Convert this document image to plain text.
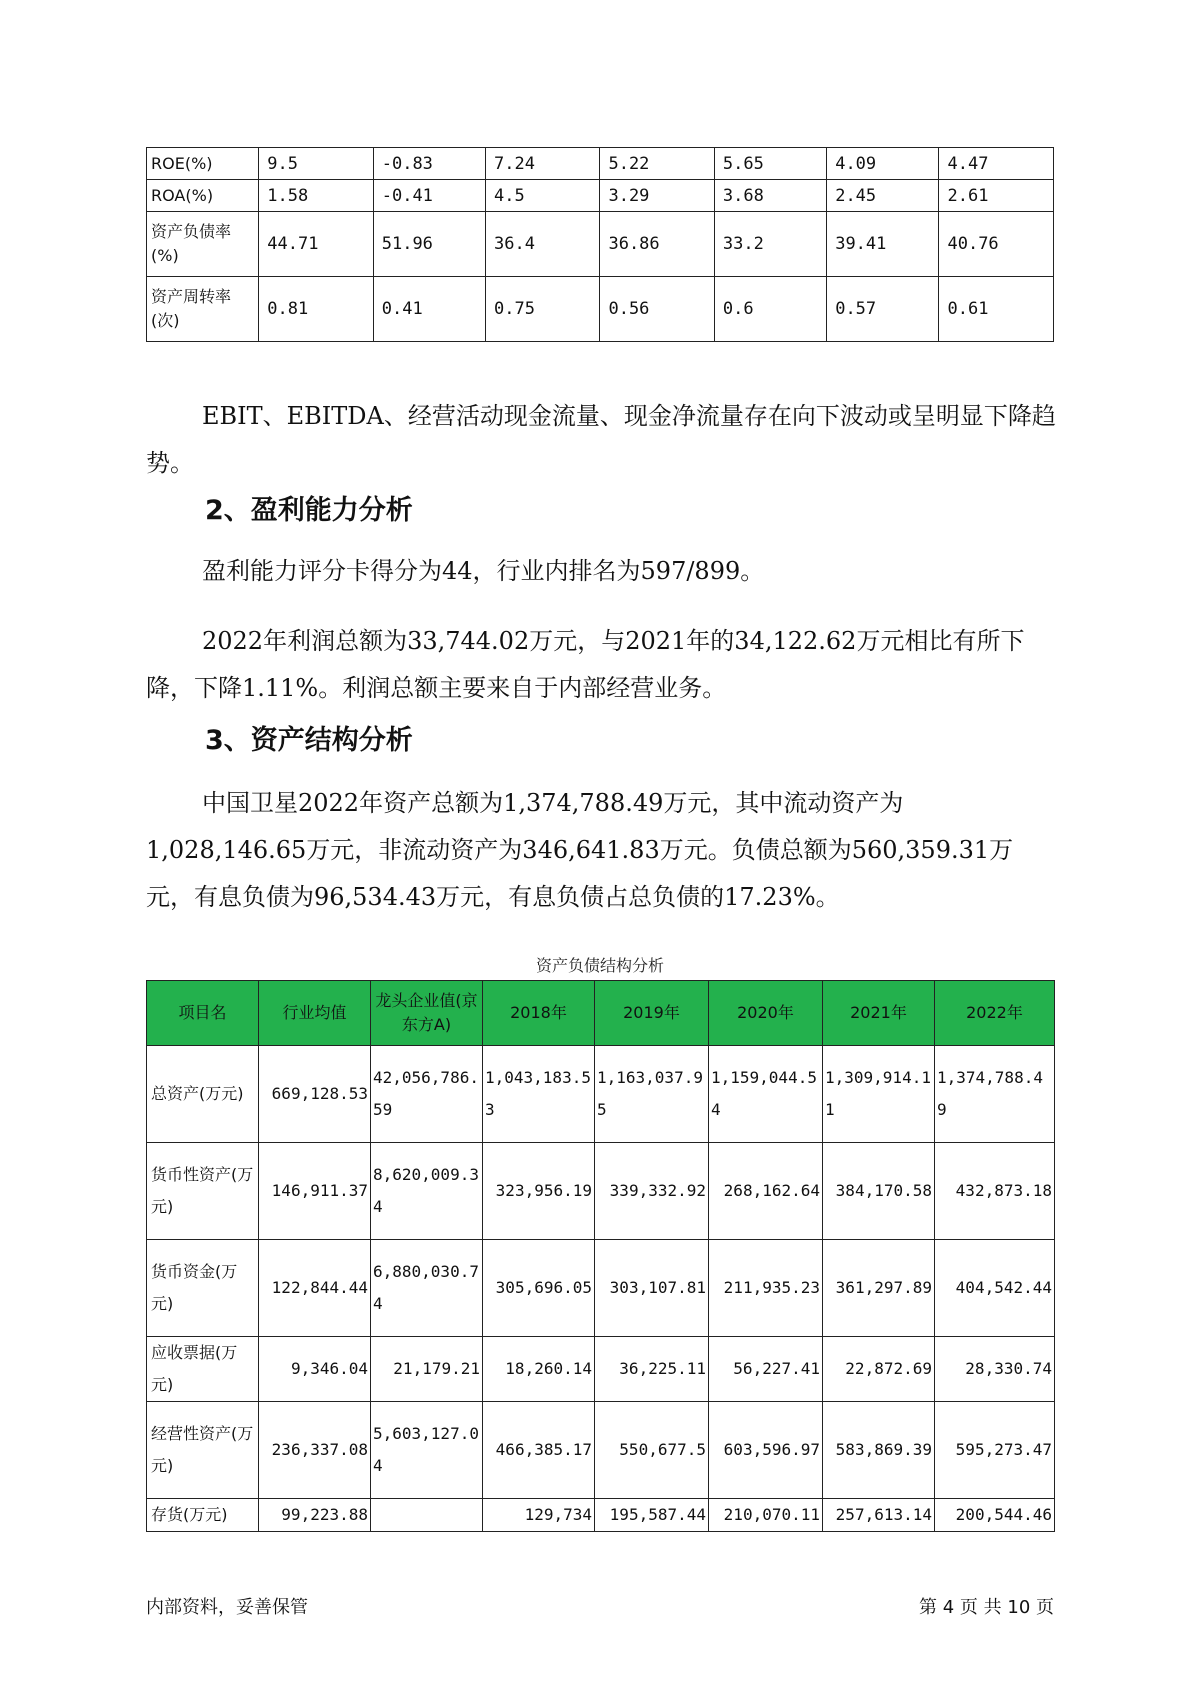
ROE(%)	9.5	-0.83	7.24	5.22	5.65	4.09	4.47
ROA(%)	1.58	-0.41	4.5	3.29	3.68	2.45	2.61
资产负债率(%)	44.71	51.96	36.4	36.86	33.2	39.41	40.76
资产周转率(次)	0.81	0.41	0.75	0.56	0.6	0.57	0.61

EBIT、EBITDA、经营活动现金流量、现金净流量存在向下波动或呈明显下降趋势。

2、盈利能力分析

盈利能力评分卡得分为44，行业内排名为597/899。

2022年利润总额为33,744.02万元，与2021年的34,122.62万元相比有所下降，下降1.11%。利润总额主要来自于内部经营业务。

3、资产结构分析

中国卫星2022年资产总额为1,374,788.49万元，其中流动资产为1,028,146.65万元，非流动资产为346,641.83万元。负债总额为560,359.31万元，有息负债为96,534.43万元，有息负债占总负债的17.23%。

资产负债结构分析
项目名	行业均值	龙头企业值(京东方A)	2018年	2019年	2020年	2021年	2022年
总资产(万元)	669,128.53	42,056,786.59	1,043,183.53	1,163,037.95	1,159,044.54	1,309,914.11	1,374,788.49
货币性资产(万元)	146,911.37	8,620,009.34	323,956.19	339,332.92	268,162.64	384,170.58	432,873.18
货币资金(万元)	122,844.44	6,880,030.74	305,696.05	303,107.81	211,935.23	361,297.89	404,542.44
应收票据(万元)	9,346.04	21,179.21	18,260.14	36,225.11	56,227.41	22,872.69	28,330.74
经营性资产(万元)	236,337.08	5,603,127.04	466,385.17	550,677.5	603,596.97	583,869.39	595,273.47
存货(万元)	99,223.88		129,734	195,587.44	210,070.11	257,613.14	200,544.46
内部资料，妥善保管	第 4 页 共 10 页
